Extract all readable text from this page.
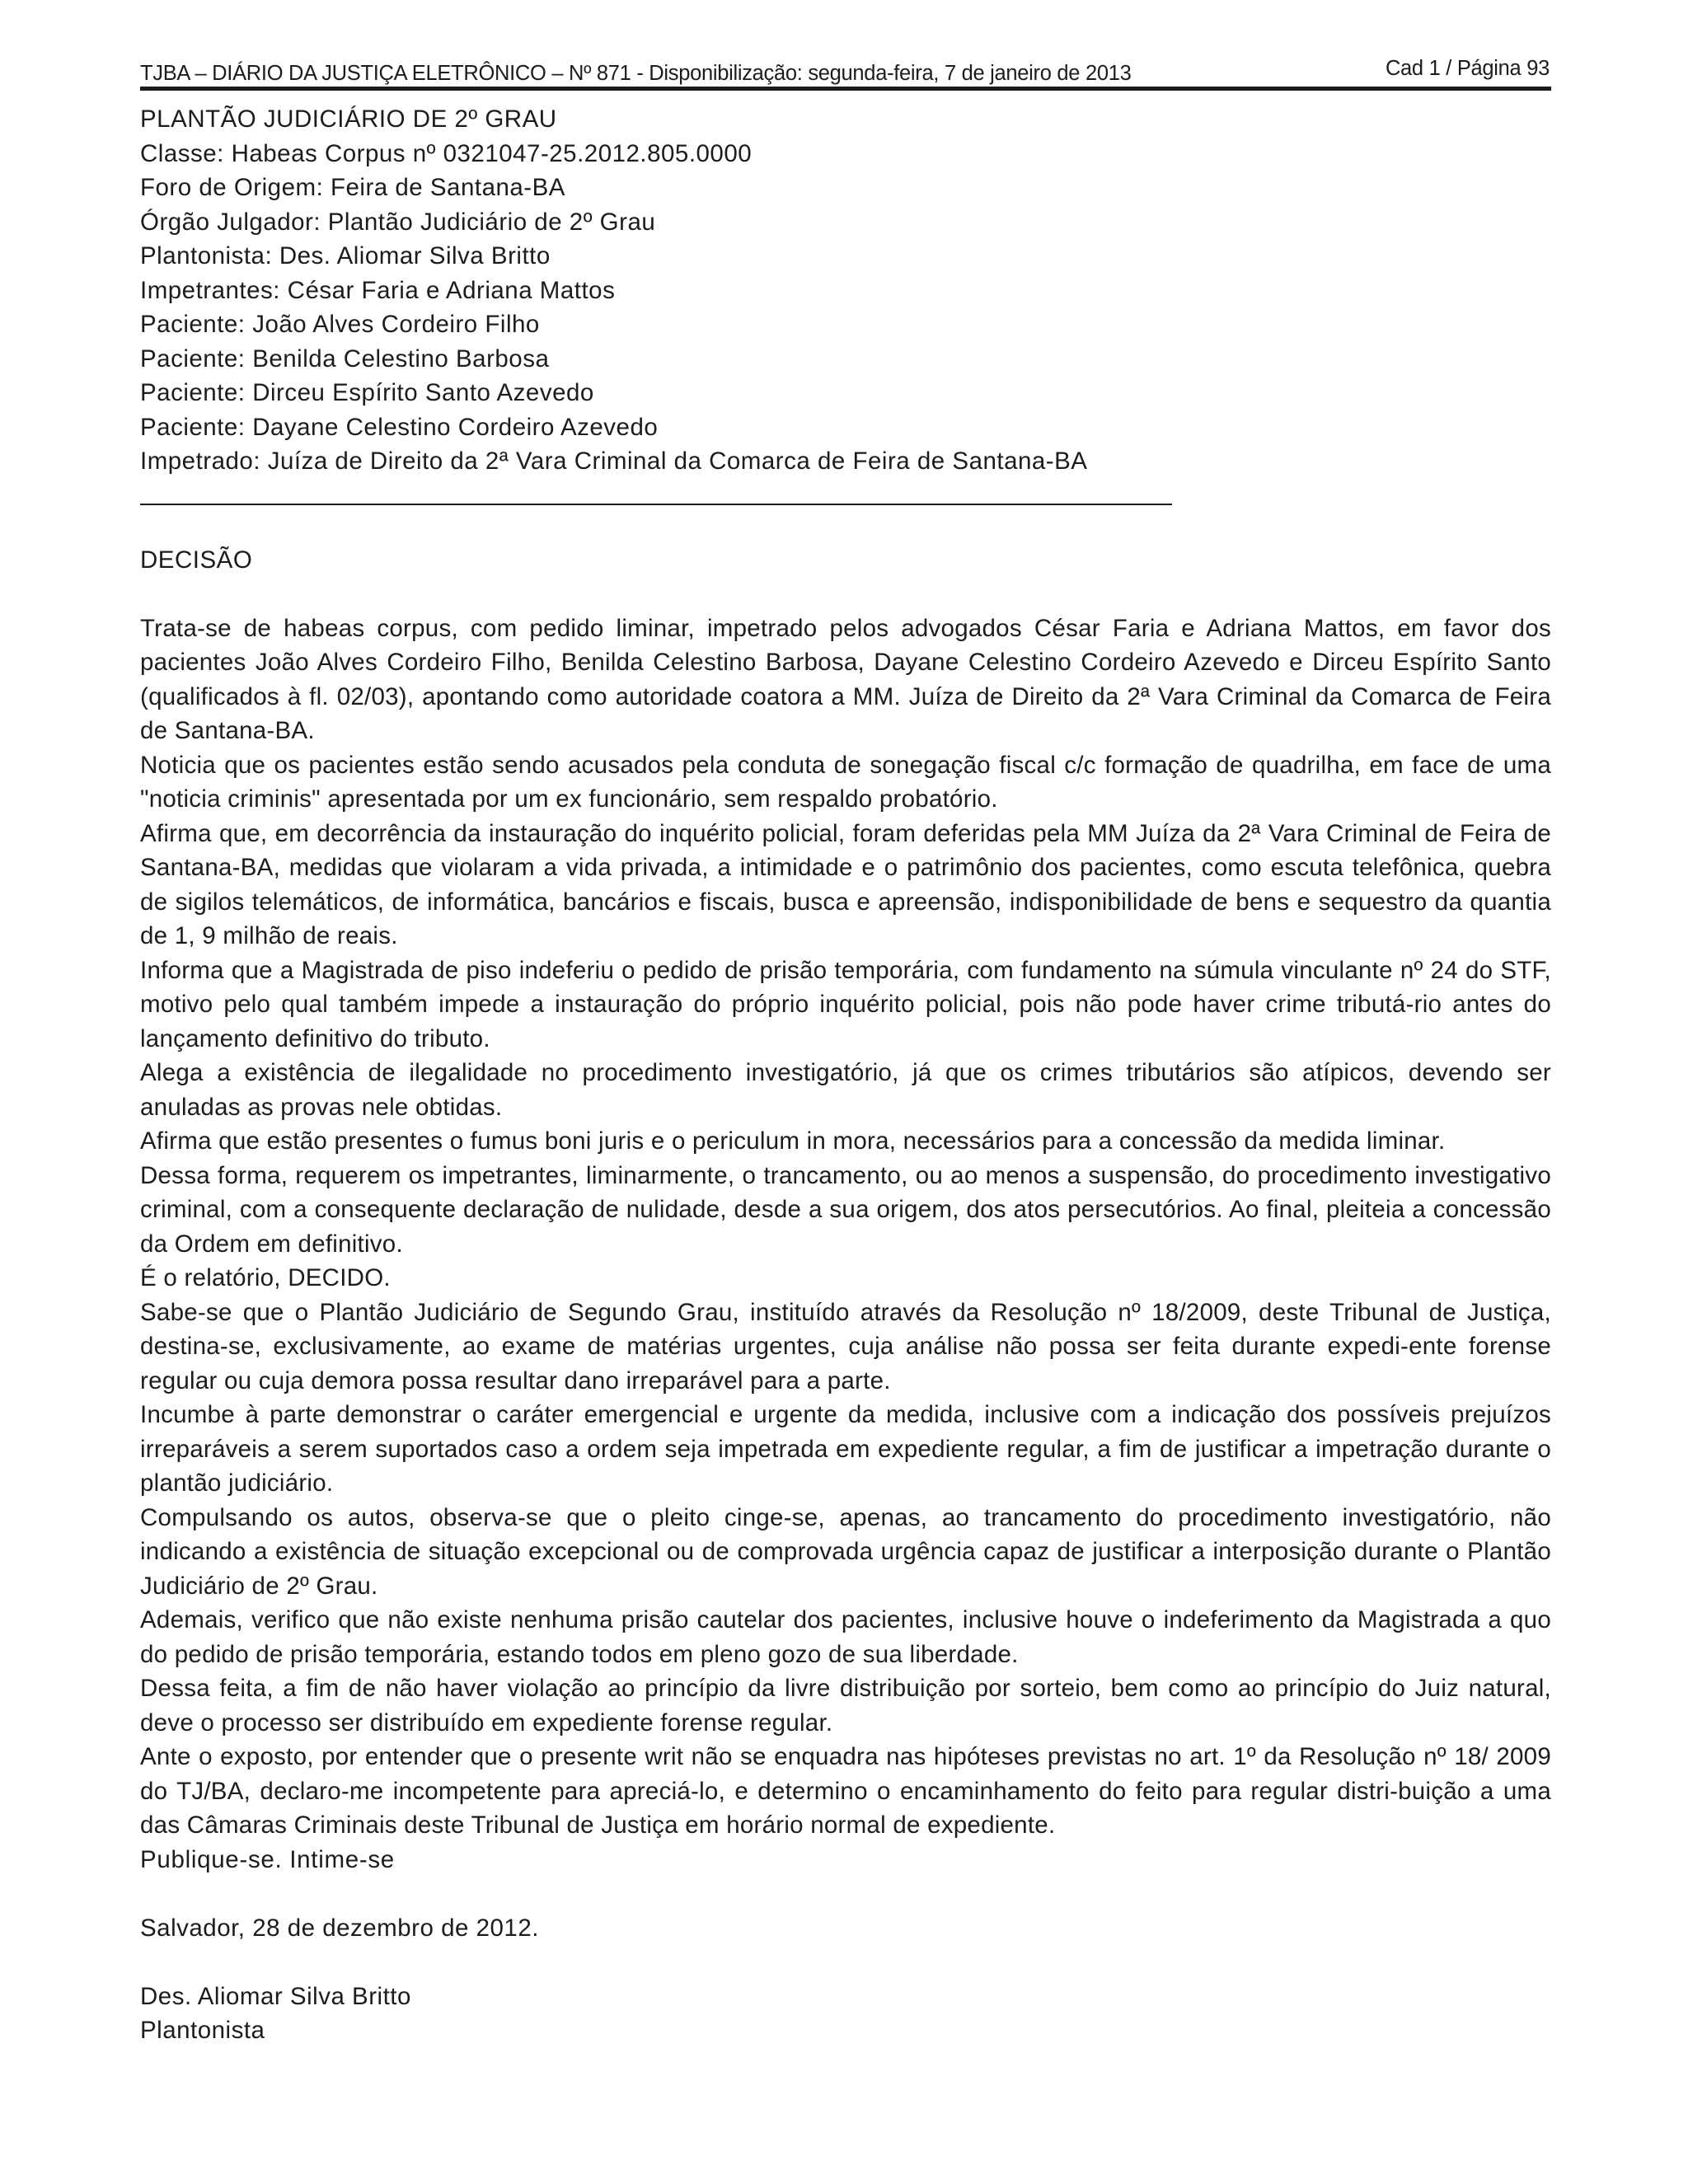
TJBA – DIÁRIO DA JUSTIÇA ELETRÔNICO – Nº 871 - Disponibilização: segunda-feira, 7 de janeiro de 2013	Cad 1 / Página 93
PLANTÃO JUDICIÁRIO DE 2º GRAU
Classe: Habeas Corpus nº 0321047-25.2012.805.0000
Foro de Origem: Feira de Santana-BA
Órgão Julgador: Plantão Judiciário de 2º Grau
Plantonista: Des. Aliomar Silva Britto
Impetrantes: César Faria e Adriana Mattos
Paciente: João Alves Cordeiro Filho
Paciente: Benilda Celestino Barbosa
Paciente: Dirceu Espírito Santo Azevedo
Paciente: Dayane Celestino Cordeiro Azevedo
Impetrado: Juíza de Direito da 2ª Vara Criminal da Comarca de Feira de Santana-BA
DECISÃO

Trata-se de habeas corpus, com pedido liminar, impetrado pelos advogados César Faria e Adriana Mattos, em favor dos pacientes João Alves Cordeiro Filho, Benilda Celestino Barbosa, Dayane Celestino Cordeiro Azevedo e Dirceu Espírito Santo (qualificados à fl. 02/03), apontando como autoridade coatora a MM. Juíza de Direito da 2ª Vara Criminal da Comarca de Feira de Santana-BA.

Noticia que os pacientes estão sendo acusados pela conduta de sonegação fiscal c/c formação de quadrilha, em face de uma "noticia criminis" apresentada por um ex funcionário, sem respaldo probatório.

Afirma que, em decorrência da instauração do inquérito policial, foram deferidas pela MM Juíza da 2ª Vara Criminal de Feira de Santana-BA, medidas que violaram a vida privada, a intimidade e o patrimônio dos pacientes, como escuta telefônica, quebra de sigilos telemáticos, de informática, bancários e fiscais, busca e apreensão, indisponibilidade de bens e sequestro da quantia de 1, 9 milhão de reais.

Informa que a Magistrada de piso indeferiu o pedido de prisão temporária, com fundamento na súmula vinculante nº 24 do STF, motivo pelo qual também impede a instauração do próprio inquérito policial, pois não pode haver crime tributá-rio antes do lançamento definitivo do tributo.

Alega a existência de ilegalidade no procedimento investigatório, já que os crimes tributários são atípicos, devendo ser anuladas as provas nele obtidas.

Afirma que estão presentes o fumus boni juris e o periculum in mora, necessários para a concessão da medida liminar.

Dessa forma, requerem os impetrantes, liminarmente, o trancamento, ou ao menos a suspensão, do procedimento investigativo criminal, com a consequente declaração de nulidade, desde a sua origem, dos atos persecutórios. Ao final, pleiteia a concessão da Ordem em definitivo.

É o relatório, DECIDO.

Sabe-se que o Plantão Judiciário de Segundo Grau, instituído através da Resolução nº 18/2009, deste Tribunal de Justiça, destina-se, exclusivamente, ao exame de matérias urgentes, cuja análise não possa ser feita durante expedi-ente forense regular ou cuja demora possa resultar dano irreparável para a parte.

Incumbe à parte demonstrar o caráter emergencial e urgente da medida, inclusive com a indicação dos possíveis prejuízos irreparáveis a serem suportados caso a ordem seja impetrada em expediente regular, a fim de justificar a impetração durante o plantão judiciário.

Compulsando os autos, observa-se que o pleito cinge-se, apenas, ao trancamento do procedimento investigatório, não indicando a existência de situação excepcional ou de comprovada urgência capaz de justificar a interposição durante o Plantão Judiciário de 2º Grau.

Ademais, verifico que não existe nenhuma prisão cautelar dos pacientes, inclusive houve o indeferimento da Magistrada a quo do pedido de prisão temporária, estando todos em pleno gozo de sua liberdade.

Dessa feita, a fim de não haver violação ao princípio da livre distribuição por sorteio, bem como ao princípio do Juiz natural, deve o processo ser distribuído em expediente forense regular.

Ante o exposto, por entender que o presente writ não se enquadra nas hipóteses previstas no art. 1º da Resolução nº 18/ 2009 do TJ/BA, declaro-me incompetente para apreciá-lo, e determino o encaminhamento do feito para regular distri-buição a uma das Câmaras Criminais deste Tribunal de Justiça em horário normal de expediente.

Publique-se. Intime-se

Salvador, 28 de dezembro de 2012.
Des. Aliomar Silva Britto
Plantonista
